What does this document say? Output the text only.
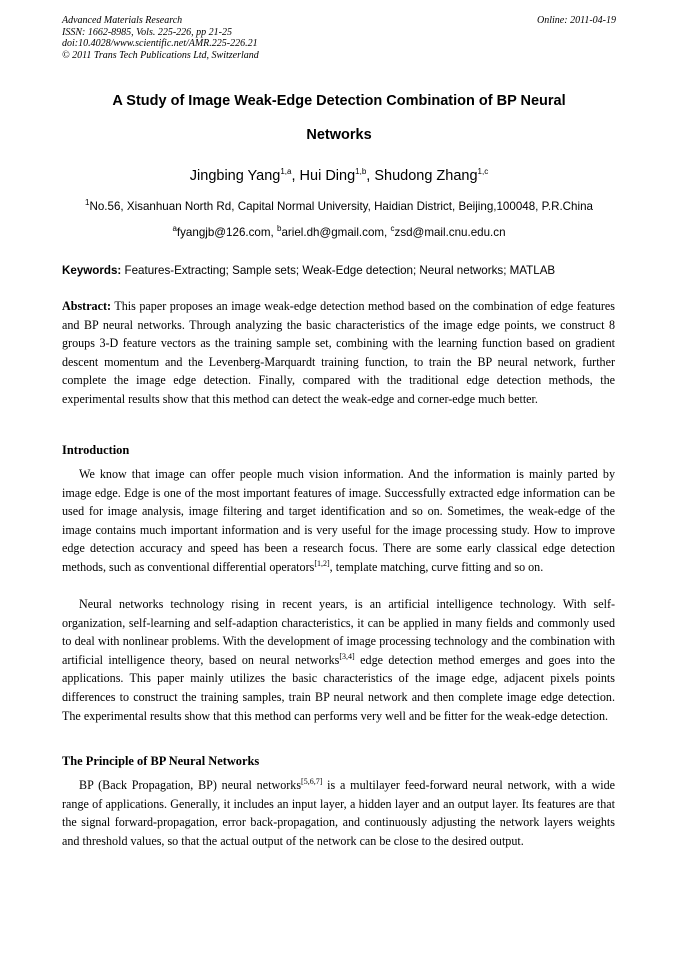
Advanced Materials Research
ISSN: 1662-8985, Vols. 225-226, pp 21-25
doi:10.4028/www.scientific.net/AMR.225-226.21
© 2011 Trans Tech Publications Ltd, Switzerland
Online: 2011-04-19
A Study of Image Weak-Edge Detection Combination of BP Neural
Networks
Jingbing Yang$^{1,a}$, Hui Ding$^{1,b}$, Shudong Zhang$^{1,c}$
$^1$No.56, Xisanhuan North Rd, Capital Normal University, Haidian District, Beijing,100048, P.R.China
$^a$fyangjb@126.com, $^b$ariel.dh@gmail.com, $^c$zsd@mail.cnu.edu.cn
Keywords: Features-Extracting; Sample sets; Weak-Edge detection; Neural networks; MATLAB
Abstract: This paper proposes an image weak-edge detection method based on the combination of edge features and BP neural networks. Through analyzing the basic characteristics of the image edge points, we construct 8 groups 3-D feature vectors as the training sample set, combining with the learning function based on gradient descent momentum and the Levenberg-Marquardt training function, to train the BP neural network, further complete the image edge detection. Finally, compared with the traditional edge detection methods, the experimental results show that this method can detect the weak-edge and corner-edge much better.
Introduction
We know that image can offer people much vision information. And the information is mainly parted by image edge. Edge is one of the most important features of image. Successfully extracted edge information can be used for image analysis, image filtering and target identification and so on. Sometimes, the weak-edge of the image contains much important information and is very useful for the image processing study. How to improve edge detection accuracy and speed has been a research focus. There are some early classical edge detection methods, such as conventional differential operators[1,2], template matching, curve fitting and so on.
Neural networks technology rising in recent years, is an artificial intelligence technology. With self-organization, self-learning and self-adaption characteristics, it can be applied in many fields and commonly used to deal with nonlinear problems. With the development of image processing technology and the combination with artificial intelligence theory, based on neural networks[3,4] edge detection method emerges and goes into the applications. This paper mainly utilizes the basic characteristics of the image edge, adjacent pixels points differences to construct the training samples, train BP neural network and then complete image edge detection. The experimental results show that this method can performs very well and be fitter for the weak-edge detection.
The Principle of BP Neural Networks
BP (Back Propagation, BP) neural networks[5,6,7] is a multilayer feed-forward neural network, with a wide range of applications. Generally, it includes an input layer, a hidden layer and an output layer. Its features are that the signal forward-propagation, error back-propagation, and continuously adjusting the network layers weights and threshold values, so that the actual output of the network can be close to the desired output.
